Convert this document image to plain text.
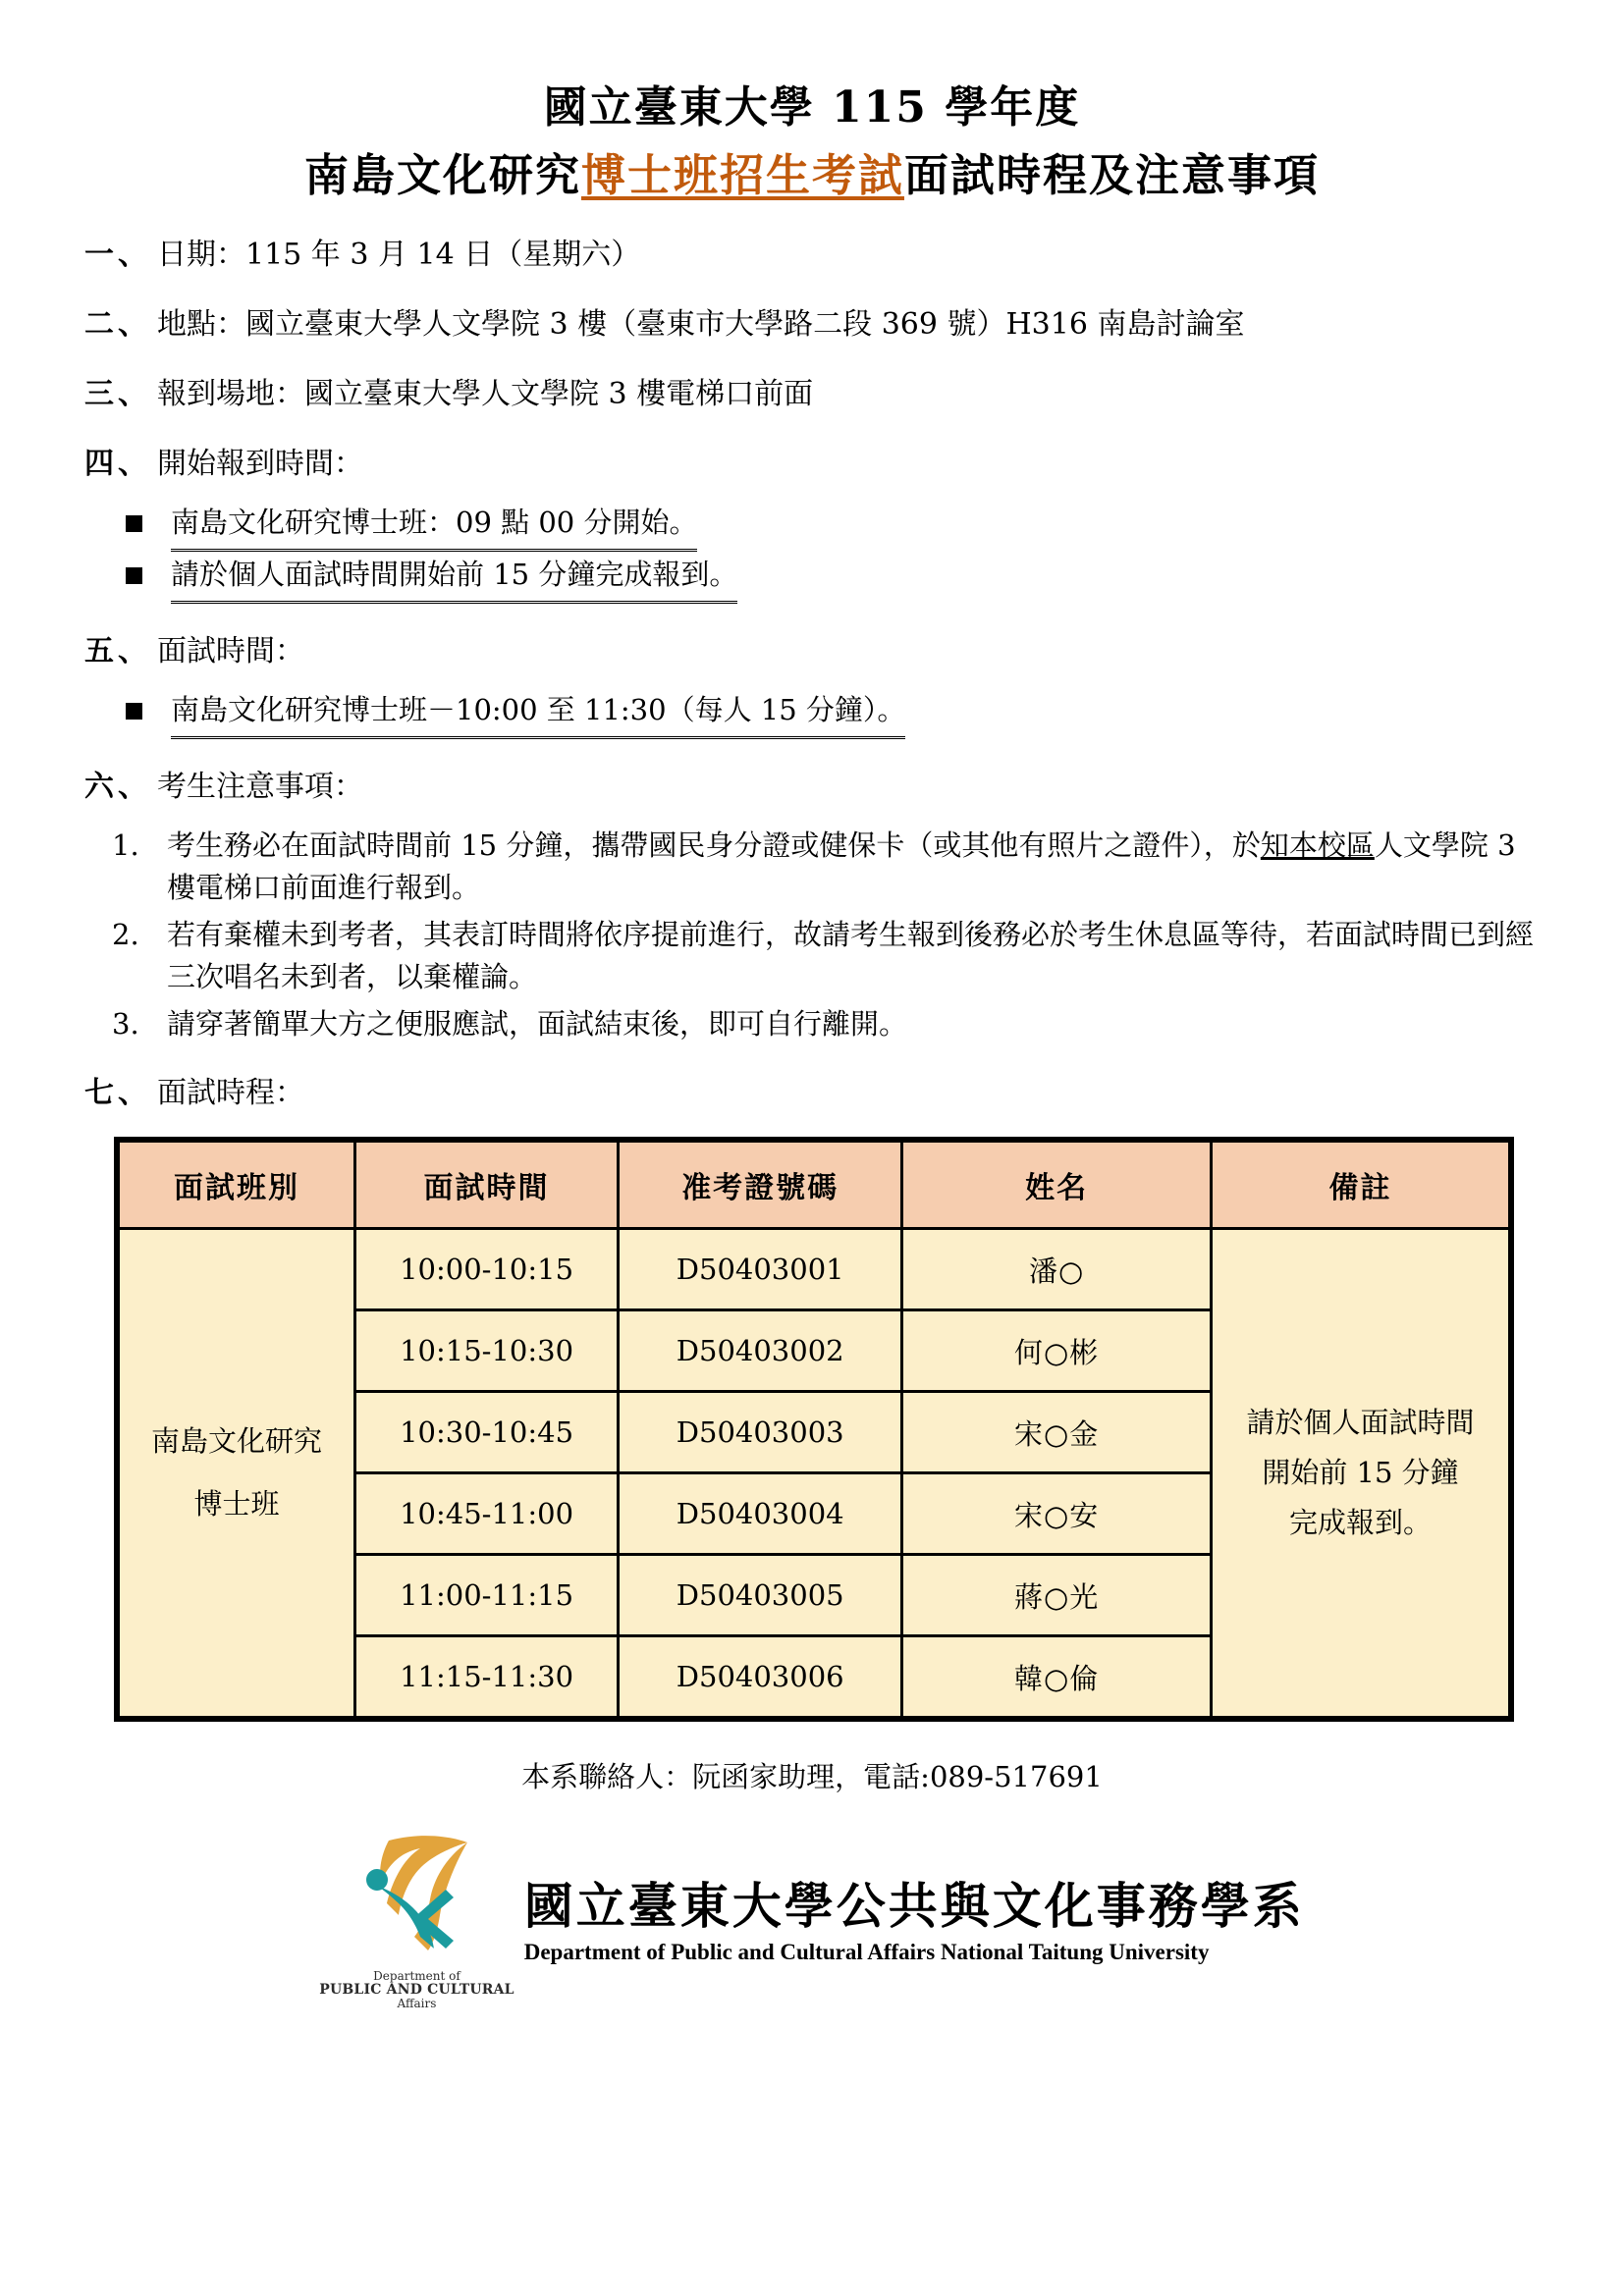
國立臺東大學 115 學年度
南島文化研究博士班招生考試面試時程及注意事項
一、 日期：115 年 3 月 14 日（星期六）
二、 地點：國立臺東大學人文學院 3 樓（臺東市大學路二段 369 號）H316 南島討論室
三、 報到場地：國立臺東大學人文學院 3 樓電梯口前面
四、 開始報到時間：
南島文化研究博士班：09 點 00 分開始。
請於個人面試時間開始前 15 分鐘完成報到。
五、 面試時間：
南島文化研究博士班－10:00 至 11:30（每人 15 分鐘）。
六、 考生注意事項：
1. 考生務必在面試時間前 15 分鐘，攜帶國民身分證或健保卡（或其他有照片之證件），於知本校區人文學院 3 樓電梯口前面進行報到。
2. 若有棄權未到考者，其表訂時間將依序提前進行，故請考生報到後務必於考生休息區等待，若面試時間已到經三次唱名未到者，以棄權論。
3. 請穿著簡單大方之便服應試，面試結束後，即可自行離開。
七、 面試時程：
面試班別	面試時間	准考證號碼	姓名	備註

南島文化研究
博士班
	10:00-10:15	D50403001	潘○	
請於個人面試時間
開始前 15 分鐘
完成報到。

	10:15-10:30	D50403002	何○彬	
	10:30-10:45	D50403003	宋○金	
	10:45-11:00	D50403004	宋○安	
	11:00-11:15	D50403005	蔣○光	
	11:15-11:30	D50403006	韓○倫	
本系聯絡人：阮函家助理，電話:089-517691
Department of
PUBLIC AND CULTURAL
Affairs
國立臺東大學公共與文化事務學系
Department of Public and Cultural Affairs National Taitung University
